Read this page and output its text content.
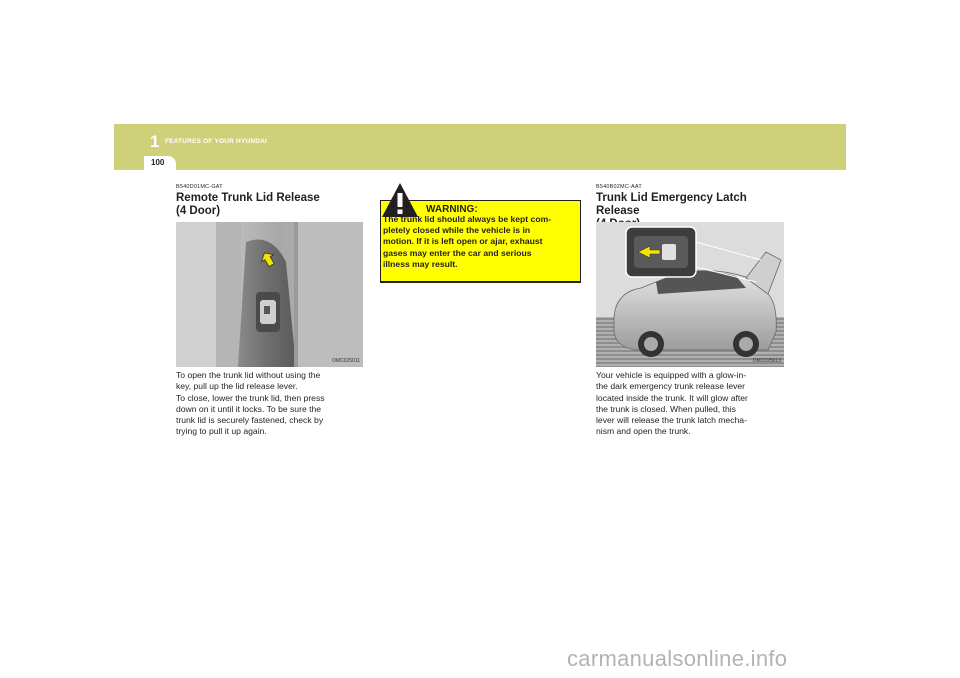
1 FEATURES OF YOUR HYUNDAI
100
B540D01MC-GAT
Remote Trunk Lid Release
(4 Door)
OMC025011

To open the trunk lid without using the

key, pull up the lid release lever.

To close, lower the trunk lid, then press

down on it until it locks. To be sure the

trunk lid is securely fastened, check by

trying to pull it up again.

WARNING:
The trunk lid should always be kept com-
pletely closed while the vehicle is in
motion. If it is left open or ajar, exhaust
gases may enter the car and serious
illness may result.
B540B02MC-AAT
Trunk Lid Emergency Latch Release
OMC025013

Your vehicle is equipped with a glow-in-

the dark emergency trunk release lever

located inside the trunk. It will glow after

the trunk is closed. When pulled, this

lever will release the trunk latch mecha-

nism and open the trunk.

carmanualsonline.info
